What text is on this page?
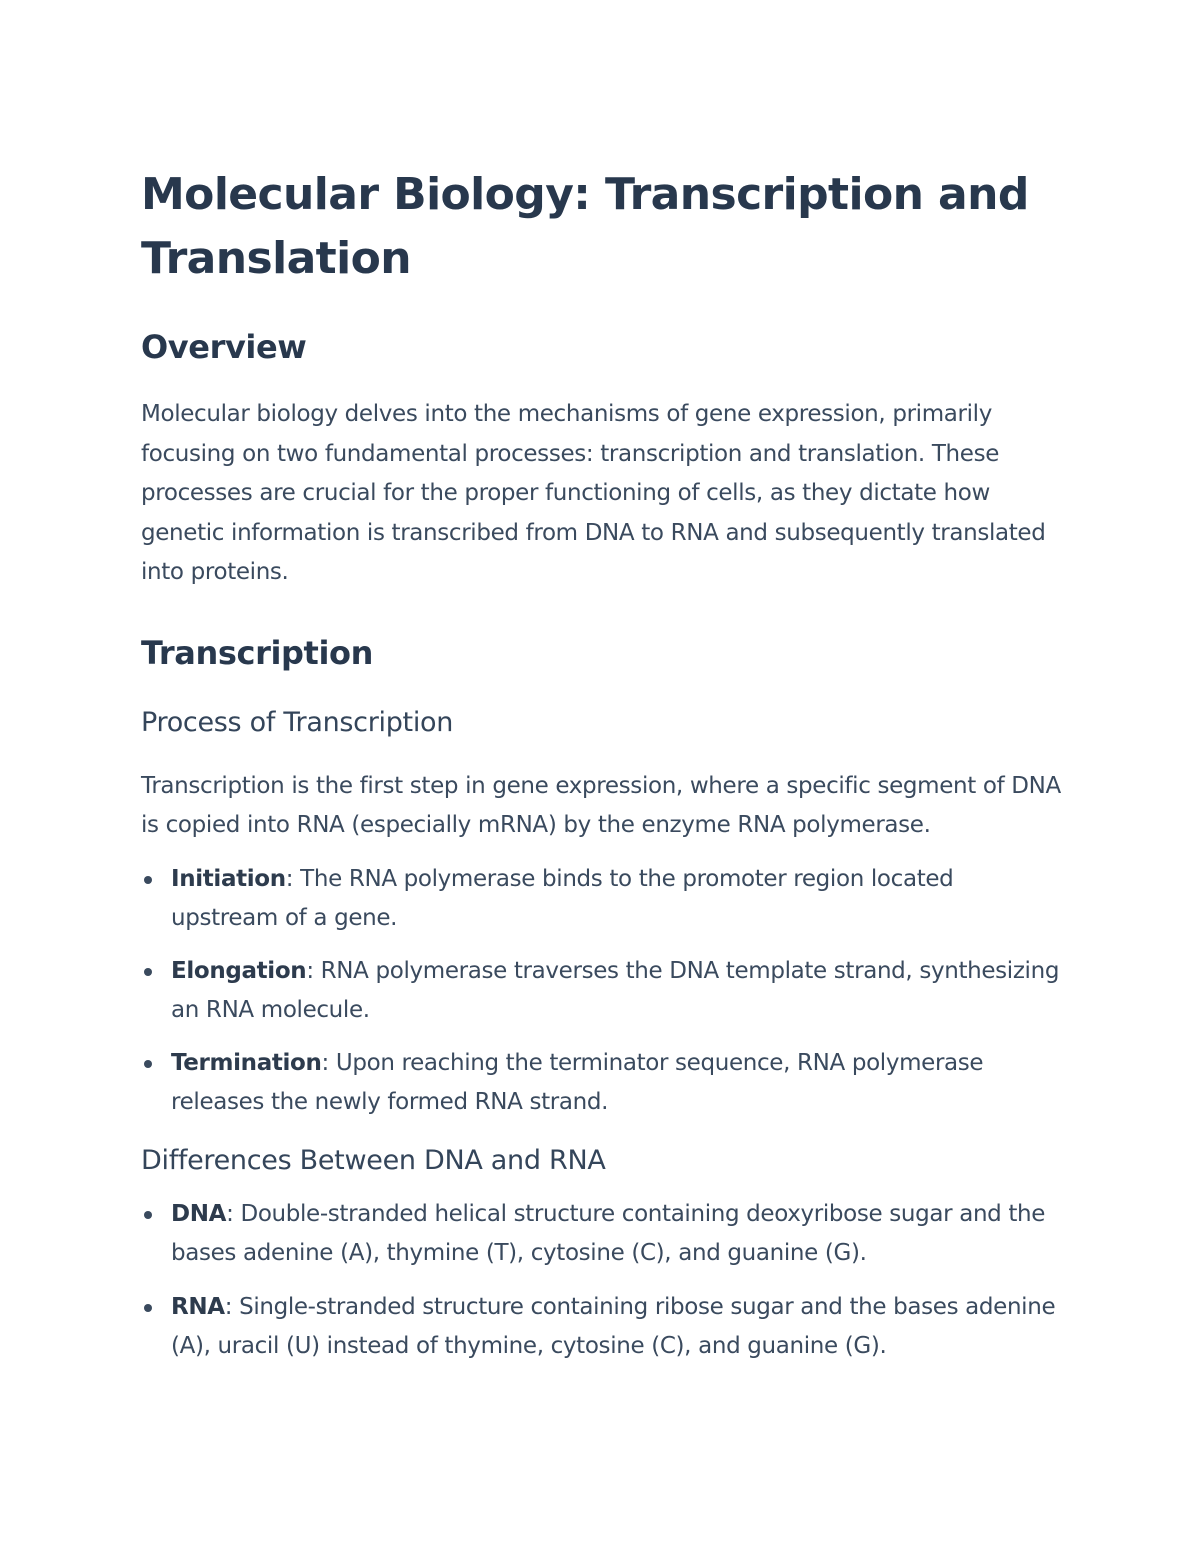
Molecular Biology: Transcription and Translation
Overview

Molecular biology delves into the mechanisms of gene expression, primarily focusing on two fundamental processes: transcription and translation. These processes are crucial for the proper functioning of cells, as they dictate how genetic information is transcribed from DNA to RNA and subsequently translated into proteins.

Transcription
Process of Transcription

Transcription is the first step in gene expression, where a specific segment of DNA is copied into RNA (especially mRNA) by the enzyme RNA polymerase.

Initiation: The RNA polymerase binds to the promoter region located upstream of a gene.
Elongation: RNA polymerase traverses the DNA template strand, synthesizing an RNA molecule.
Termination: Upon reaching the terminator sequence, RNA polymerase releases the newly formed RNA strand.
Differences Between DNA and RNA
DNA: Double-stranded helical structure containing deoxyribose sugar and the bases adenine (A), thymine (T), cytosine (C), and guanine (G).
RNA: Single-stranded structure containing ribose sugar and the bases adenine (A), uracil (U) instead of thymine, cytosine (C), and guanine (G).
